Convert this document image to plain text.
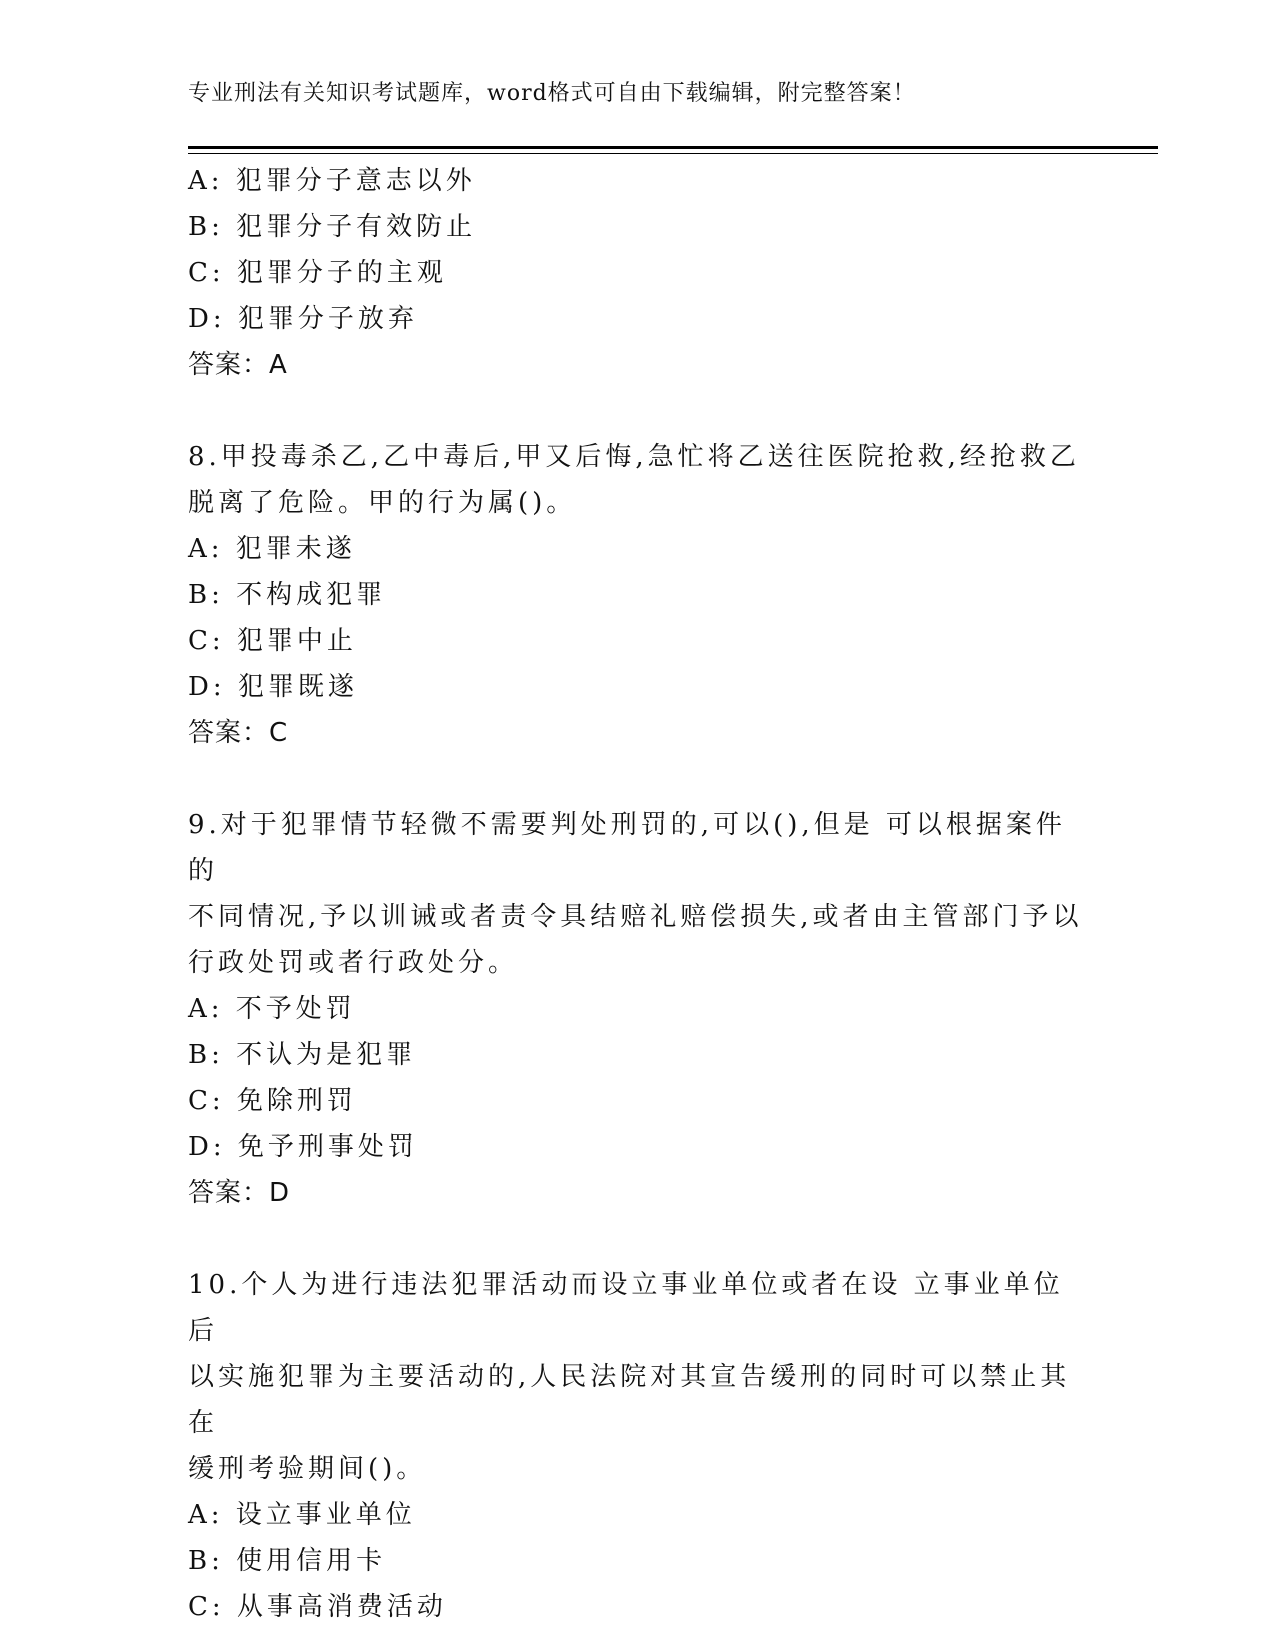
专业刑法有关知识考试题库，word格式可自由下载编辑，附完整答案！
A: 犯罪分子意志以外
B: 犯罪分子有效防止
C: 犯罪分子的主观
D: 犯罪分子放弃
答案：A
8.甲投毒杀乙,乙中毒后,甲又后悔,急忙将乙送往医院抢救,经抢救乙
脱离了危险。甲的行为属()。
A: 犯罪未遂
B: 不构成犯罪
C: 犯罪中止
D: 犯罪既遂
答案：C
9.对于犯罪情节轻微不需要判处刑罚的,可以(),但是 可以根据案件的
不同情况,予以训诫或者责令具结赔礼赔偿损失,或者由主管部门予以
行政处罚或者行政处分。
A: 不予处罚
B: 不认为是犯罪
C: 免除刑罚
D: 免予刑事处罚
答案：D
10.个人为进行违法犯罪活动而设立事业单位或者在设 立事业单位后
以实施犯罪为主要活动的,人民法院对其宣告缓刑的同时可以禁止其在
缓刑考验期间()。
A: 设立事业单位
B: 使用信用卡
C: 从事高消费活动
